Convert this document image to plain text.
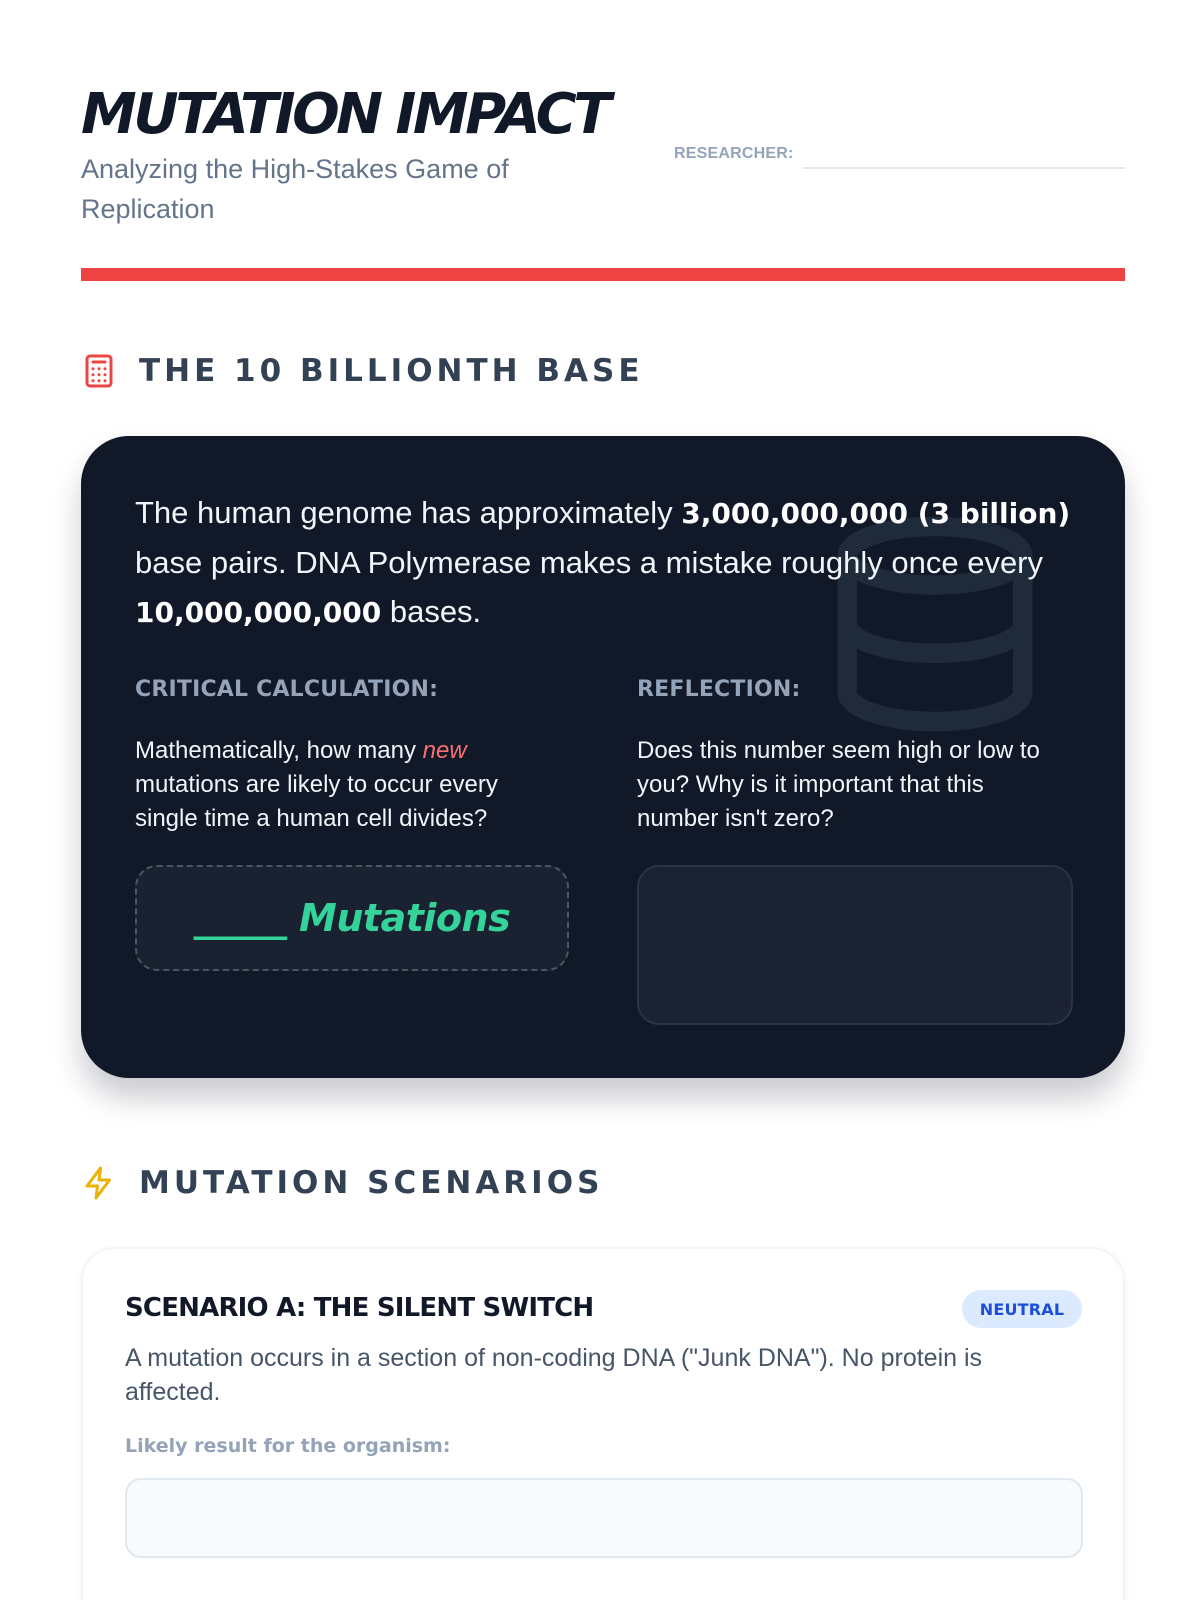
MUTATION IMPACT

Analyzing the High-Stakes Game of Replication

RESEARCHER:
THE 10 BILLIONTH BASE

The human genome has approximately 3,000,000,000 (3 billion) base pairs. DNA Polymerase makes a mistake roughly once every 10,000,000,000 bases.

CRITICAL CALCULATION:

Mathematically, how many new mutations are likely to occur every single time a human cell divides?

_____ Mutations
REFLECTION:

Does this number seem high or low to you? Why is it important that this number isn't zero?

MUTATION SCENARIOS
SCENARIO A: THE SILENT SWITCH	NEUTRAL

A mutation occurs in a section of non-coding DNA ("Junk DNA"). No protein is affected.

Likely result for the organism:
